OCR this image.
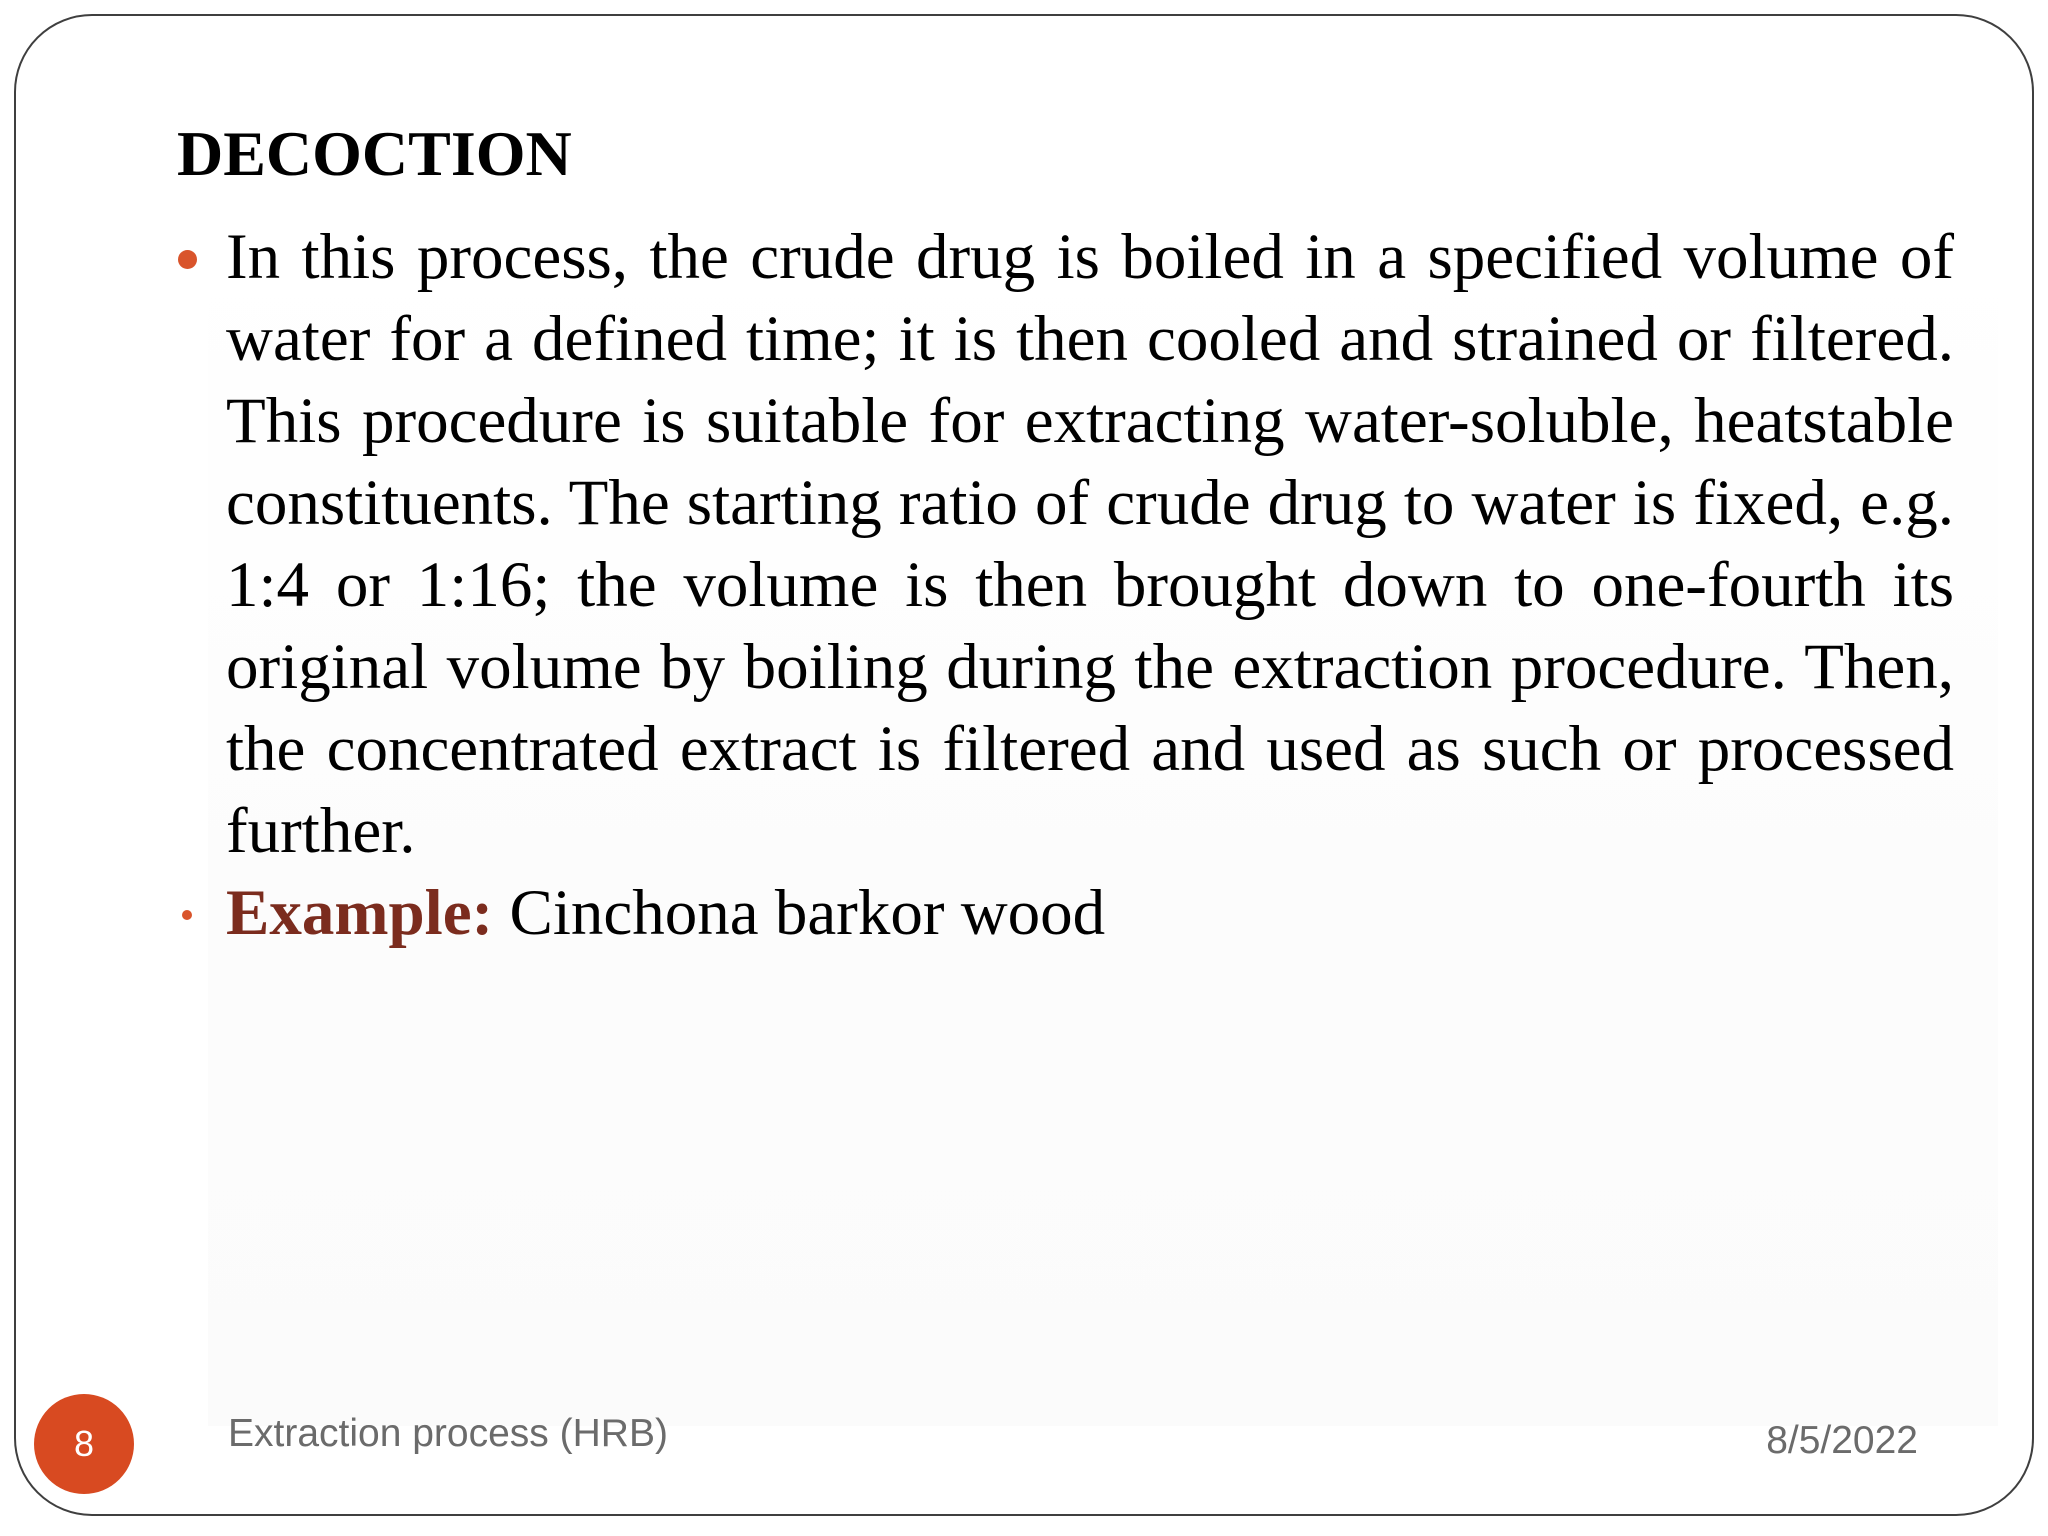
DECOCTION

In this process, the crude drug is boiled in a specified volume of water for a defined time; it is then cooled and strained or filtered. This procedure is suitable for extracting water-soluble, heatstable constituents. The starting ratio of crude drug to water is fixed, e.g. 1:4 or 1:16; the volume is then brought down to one-fourth its original volume by boiling during the extraction procedure. Then, the concentrated extract is filtered and used as such or processed further.

Example: Cinchona barkor wood

8	Extraction process (HRB)	8/5/2022
